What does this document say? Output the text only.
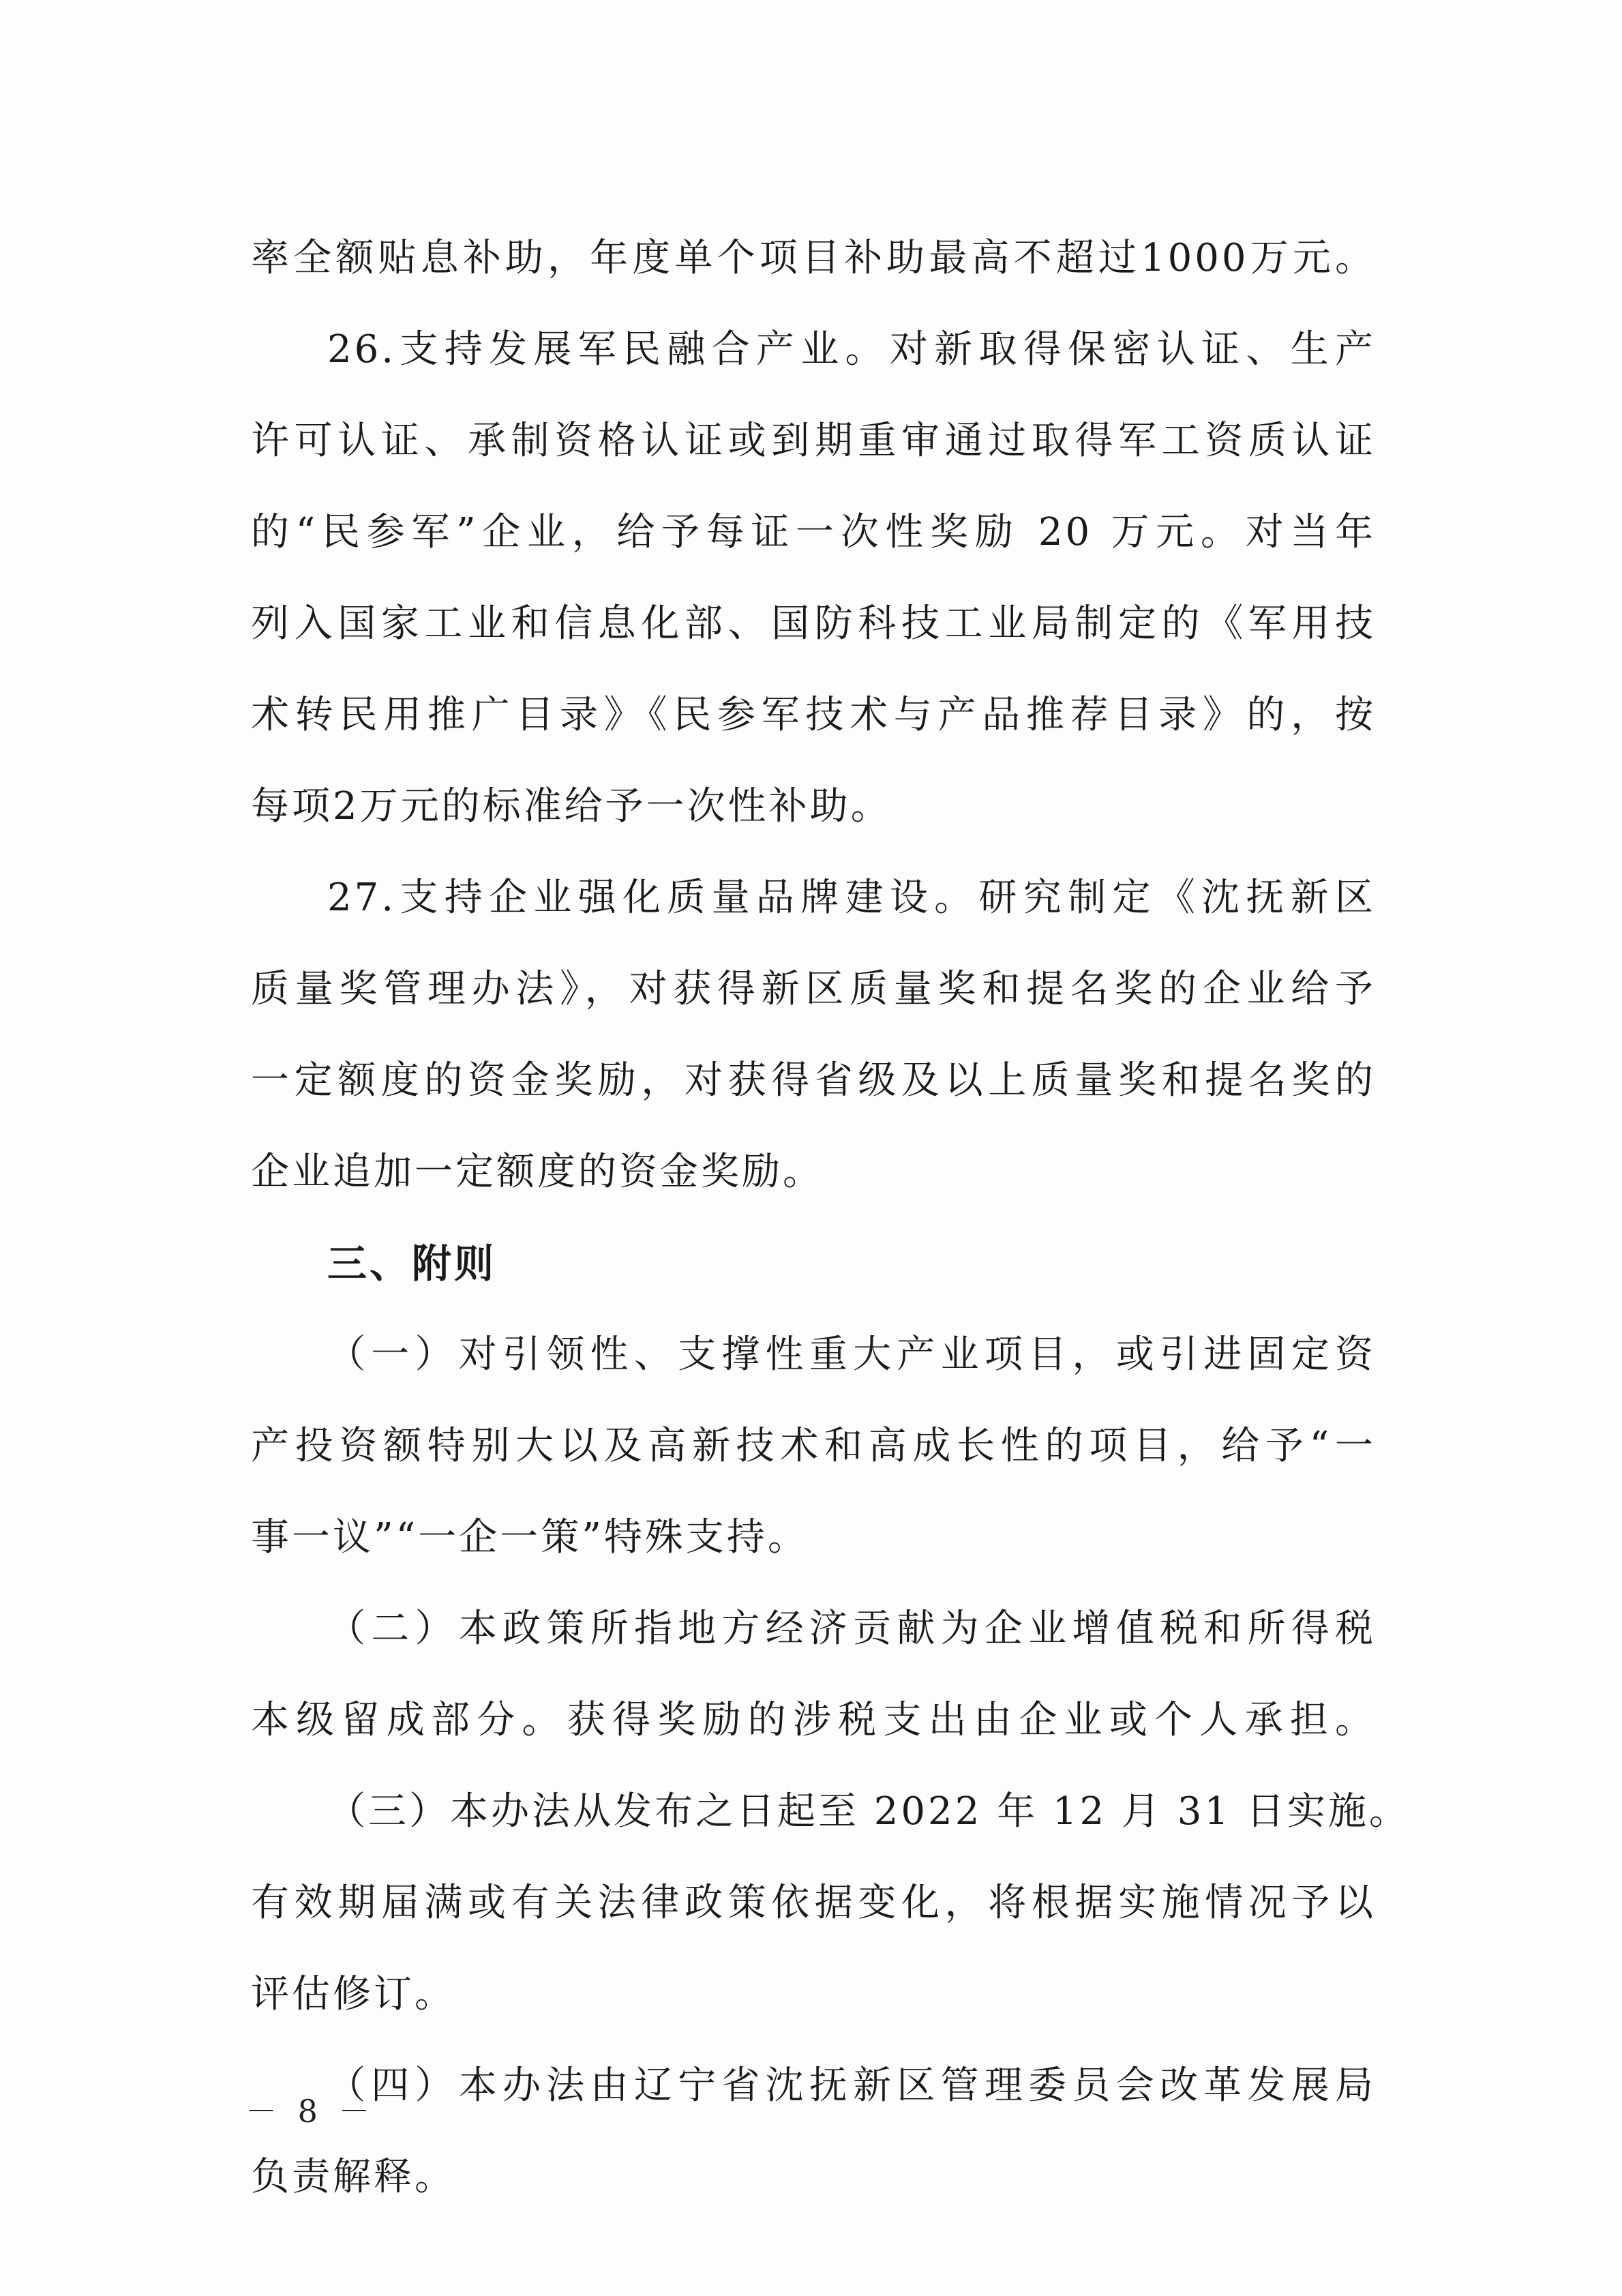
率全额贴息补助，年度单个项目补助最高不超过1000万元。
26.支持发展军民融合产业。对新取得保密认证、生产
许可认证、承制资格认证或到期重审通过取得军工资质认证
的“民参军”企业，给予每证一次性奖励 20 万元。对当年
列入国家工业和信息化部、国防科技工业局制定的《军用技
术转民用推广目录》《民参军技术与产品推荐目录》的，按
每项2万元的标准给予一次性补助。
27.支持企业强化质量品牌建设。研究制定《沈抚新区
质量奖管理办法》，对获得新区质量奖和提名奖的企业给予
一定额度的资金奖励，对获得省级及以上质量奖和提名奖的
企业追加一定额度的资金奖励。
三、附则
（一）对引领性、支撑性重大产业项目，或引进固定资
产投资额特别大以及高新技术和高成长性的项目，给予“一
事一议”“一企一策”特殊支持。
（二）本政策所指地方经济贡献为企业增值税和所得税
本级留成部分。获得奖励的涉税支出由企业或个人承担。
（三）本办法从发布之日起至 2022 年 12 月 31 日实施。
有效期届满或有关法律政策依据变化，将根据实施情况予以
评估修订。
（四）本办法由辽宁省沈抚新区管理委员会改革发展局
负责解释。
－ 8 －
